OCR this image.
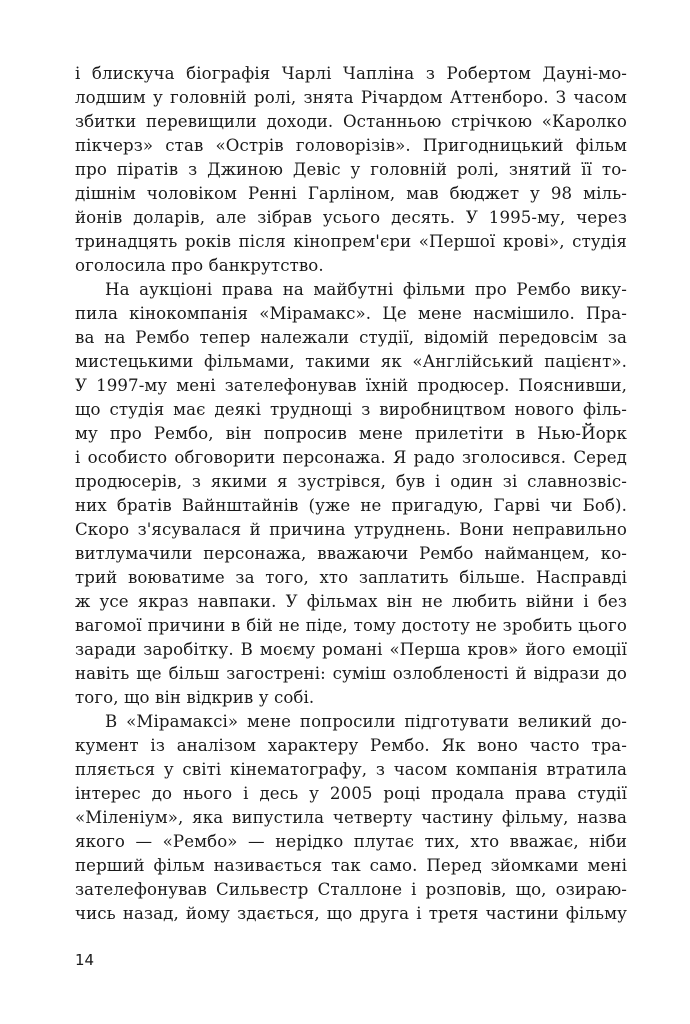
і блискуча біографія Чарлі Чапліна з Робертом Дауні-мо-
лодшим у головній ролі, знята Річардом Аттенборо. З часом
збитки перевищили доходи. Останньою стрічкою «Каролко
пікчерз» став «Острів головорізів». Пригодницький фільм
про піратів з Джиною Девіс у головній ролі, знятий її то-
дішнім чоловіком Ренні Гарліном, мав бюджет у 98 міль-
йонів доларів, але зібрав усього десять. У 1995-му, через
тринадцять років після кінопрем'єри «Першої крові», студія
оголосила про банкрутство.
На аукціоні права на майбутні фільми про Рембо вику-
пила кінокомпанія «Мірамакс». Це мене насмішило. Пра-
ва на Рембо тепер належали студії, відомій передовсім за
мистецькими фільмами, такими як «Англійський пацієнт».
У 1997-му мені зателефонував їхній продюсер. Пояснивши,
що студія має деякі труднощі з виробництвом нового філь-
му про Рембо, він попросив мене прилетіти в Нью-Йорк
і особисто обговорити персонажа. Я радо зголосився. Серед
продюсерів, з якими я зустрівся, був і один зі славнозвіс-
них братів Вайнштайнів (уже не пригадую, Гарві чи Боб).
Скоро з'ясувалася й причина утруднень. Вони неправильно
витлумачили персонажа, вважаючи Рембо найманцем, ко-
трий воюватиме за того, хто заплатить більше. Насправді
ж усе якраз навпаки. У фільмах він не любить війни і без
вагомої причини в бій не піде, тому достоту не зробить цього
заради заробітку. В моєму романі «Перша кров» його емоції
навіть ще більш загострені: суміш озлобленості й відрази до
того, що він відкрив у собі.
В «Мірамаксі» мене попросили підготувати великий до-
кумент із аналізом характеру Рембо. Як воно часто тра-
пляється у світі кінематографу, з часом компанія втратила
інтерес до нього і десь у 2005 році продала права студії
«Міленіум», яка випустила четверту частину фільму, назва
якого — «Рембо» — нерідко плутає тих, хто вважає, ніби
перший фільм називається так само. Перед зйомками мені
зателефонував Сильвестр Сталлоне і розповів, що, озираю-
чись назад, йому здається, що друга і третя частини фільму
14
